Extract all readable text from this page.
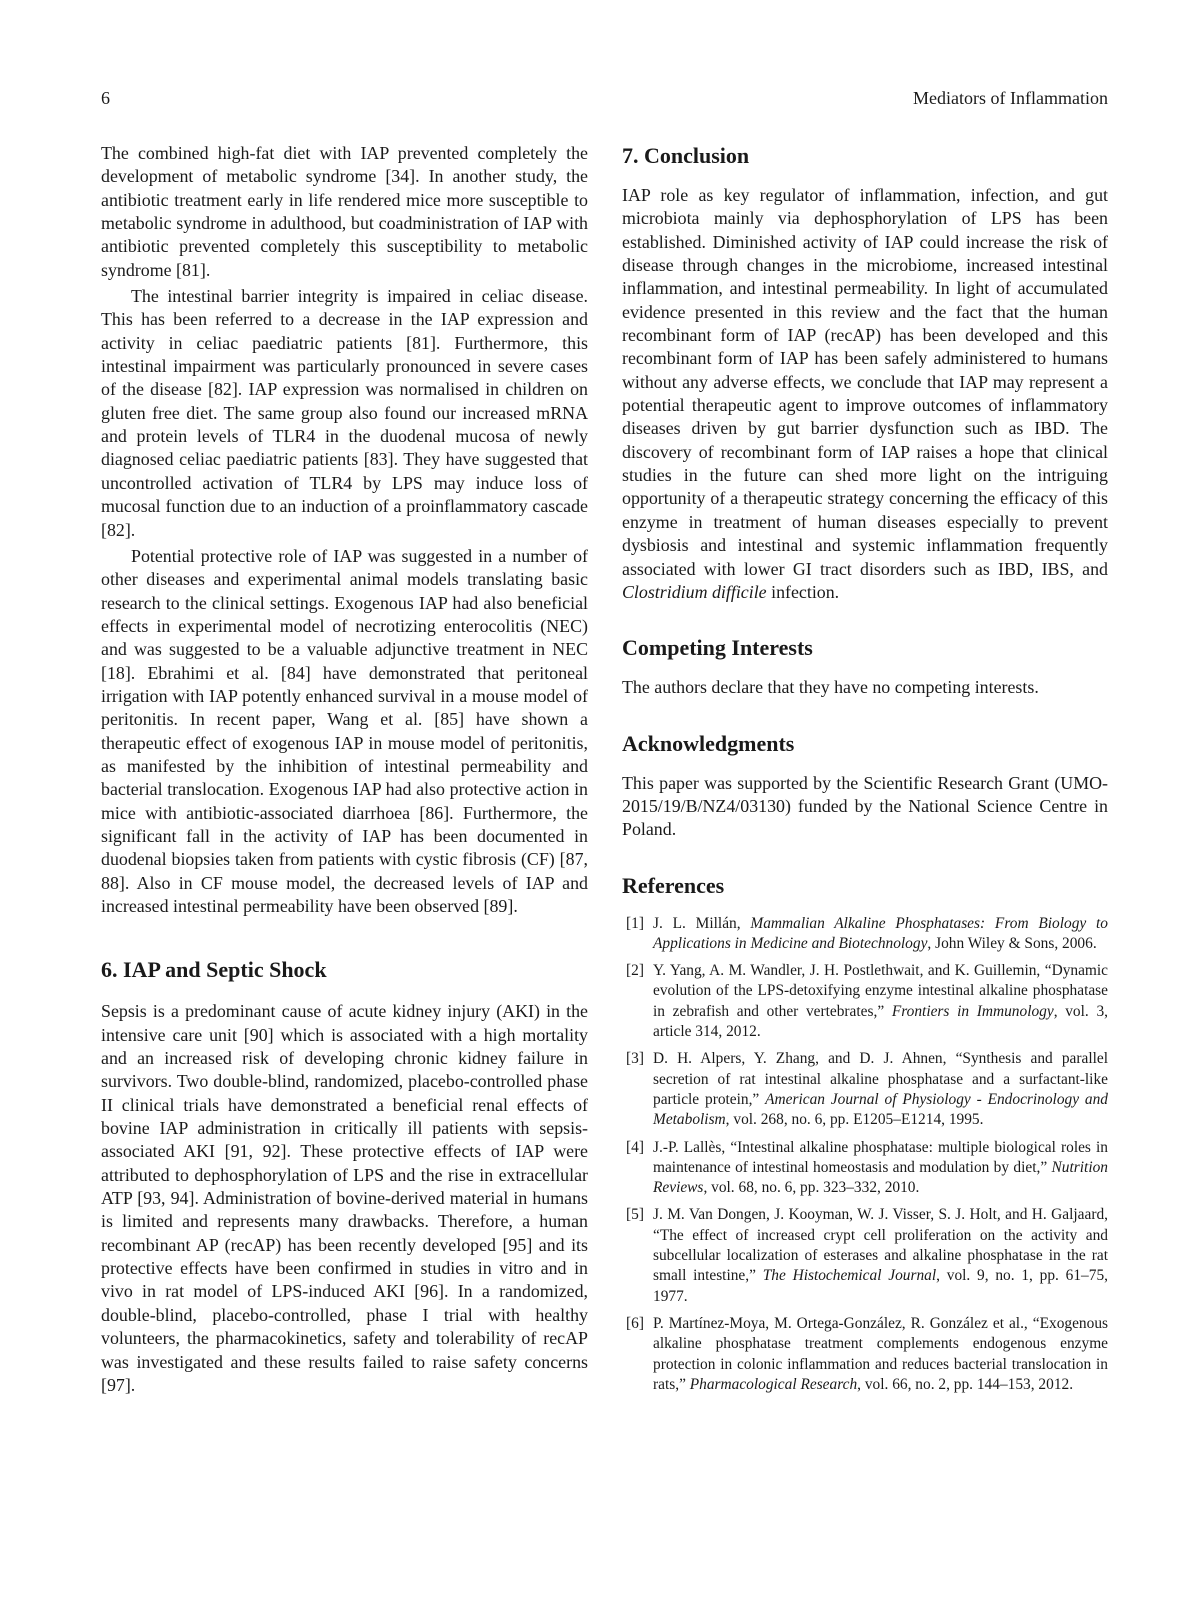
6	Mediators of Inflammation

The combined high-fat diet with IAP prevented completely the development of metabolic syndrome [34]. In another study, the antibiotic treatment early in life rendered mice more susceptible to metabolic syndrome in adulthood, but coadministration of IAP with antibiotic prevented completely this susceptibility to metabolic syndrome [81].

The intestinal barrier integrity is impaired in celiac disease. This has been referred to a decrease in the IAP expression and activity in celiac paediatric patients [81]. Furthermore, this intestinal impairment was particularly pronounced in severe cases of the disease [82]. IAP expression was normalised in children on gluten free diet. The same group also found our increased mRNA and protein levels of TLR4 in the duodenal mucosa of newly diagnosed celiac paediatric patients [83]. They have suggested that uncontrolled activation of TLR4 by LPS may induce loss of mucosal function due to an induction of a proinflammatory cascade [82].

Potential protective role of IAP was suggested in a number of other diseases and experimental animal models translating basic research to the clinical settings. Exogenous IAP had also beneficial effects in experimental model of necrotizing enterocolitis (NEC) and was suggested to be a valuable adjunctive treatment in NEC [18]. Ebrahimi et al. [84] have demonstrated that peritoneal irrigation with IAP potently enhanced survival in a mouse model of peritonitis. In recent paper, Wang et al. [85] have shown a therapeutic effect of exogenous IAP in mouse model of peritonitis, as manifested by the inhibition of intestinal permeability and bacterial translocation. Exogenous IAP had also protective action in mice with antibiotic-associated diarrhoea [86]. Furthermore, the significant fall in the activity of IAP has been documented in duodenal biopsies taken from patients with cystic fibrosis (CF) [87, 88]. Also in CF mouse model, the decreased levels of IAP and increased intestinal permeability have been observed [89].

6. IAP and Septic Shock

Sepsis is a predominant cause of acute kidney injury (AKI) in the intensive care unit [90] which is associated with a high mortality and an increased risk of developing chronic kidney failure in survivors. Two double-blind, randomized, placebo-controlled phase II clinical trials have demonstrated a beneficial renal effects of bovine IAP administration in critically ill patients with sepsis-associated AKI [91, 92]. These protective effects of IAP were attributed to dephosphorylation of LPS and the rise in extracellular ATP [93, 94]. Administration of bovine-derived material in humans is limited and represents many drawbacks. Therefore, a human recombinant AP (recAP) has been recently developed [95] and its protective effects have been confirmed in studies in vitro and in vivo in rat model of LPS-induced AKI [96]. In a randomized, double-blind, placebo-controlled, phase I trial with healthy volunteers, the pharmacokinetics, safety and tolerability of recAP was investigated and these results failed to raise safety concerns [97].

7. Conclusion

IAP role as key regulator of inflammation, infection, and gut microbiota mainly via dephosphorylation of LPS has been established. Diminished activity of IAP could increase the risk of disease through changes in the microbiome, increased intestinal inflammation, and intestinal permeability. In light of accumulated evidence presented in this review and the fact that the human recombinant form of IAP (recAP) has been developed and this recombinant form of IAP has been safely administered to humans without any adverse effects, we conclude that IAP may represent a potential therapeutic agent to improve outcomes of inflammatory diseases driven by gut barrier dysfunction such as IBD. The discovery of recombinant form of IAP raises a hope that clinical studies in the future can shed more light on the intriguing opportunity of a therapeutic strategy concerning the efficacy of this enzyme in treatment of human diseases especially to prevent dysbiosis and intestinal and systemic inflammation frequently associated with lower GI tract disorders such as IBD, IBS, and Clostridium difficile infection.

Competing Interests

The authors declare that they have no competing interests.

Acknowledgments

This paper was supported by the Scientific Research Grant (UMO-2015/19/B/NZ4/03130) funded by the National Science Centre in Poland.

References
[1] J. L. Millán, Mammalian Alkaline Phosphatases: From Biology to Applications in Medicine and Biotechnology, John Wiley & Sons, 2006.
[2] Y. Yang, A. M. Wandler, J. H. Postlethwait, and K. Guillemin, “Dynamic evolution of the LPS-detoxifying enzyme intestinal alkaline phosphatase in zebrafish and other vertebrates,” Frontiers in Immunology, vol. 3, article 314, 2012.
[3] D. H. Alpers, Y. Zhang, and D. J. Ahnen, “Synthesis and parallel secretion of rat intestinal alkaline phosphatase and a surfactant-like particle protein,” American Journal of Physiology - Endocrinology and Metabolism, vol. 268, no. 6, pp. E1205–E1214, 1995.
[4] J.-P. Lallès, “Intestinal alkaline phosphatase: multiple biological roles in maintenance of intestinal homeostasis and modulation by diet,” Nutrition Reviews, vol. 68, no. 6, pp. 323–332, 2010.
[5] J. M. Van Dongen, J. Kooyman, W. J. Visser, S. J. Holt, and H. Galjaard, “The effect of increased crypt cell proliferation on the activity and subcellular localization of esterases and alkaline phosphatase in the rat small intestine,” The Histochemical Journal, vol. 9, no. 1, pp. 61–75, 1977.
[6] P. Martínez-Moya, M. Ortega-González, R. González et al., “Exogenous alkaline phosphatase treatment complements endogenous enzyme protection in colonic inflammation and reduces bacterial translocation in rats,” Pharmacological Research, vol. 66, no. 2, pp. 144–153, 2012.
